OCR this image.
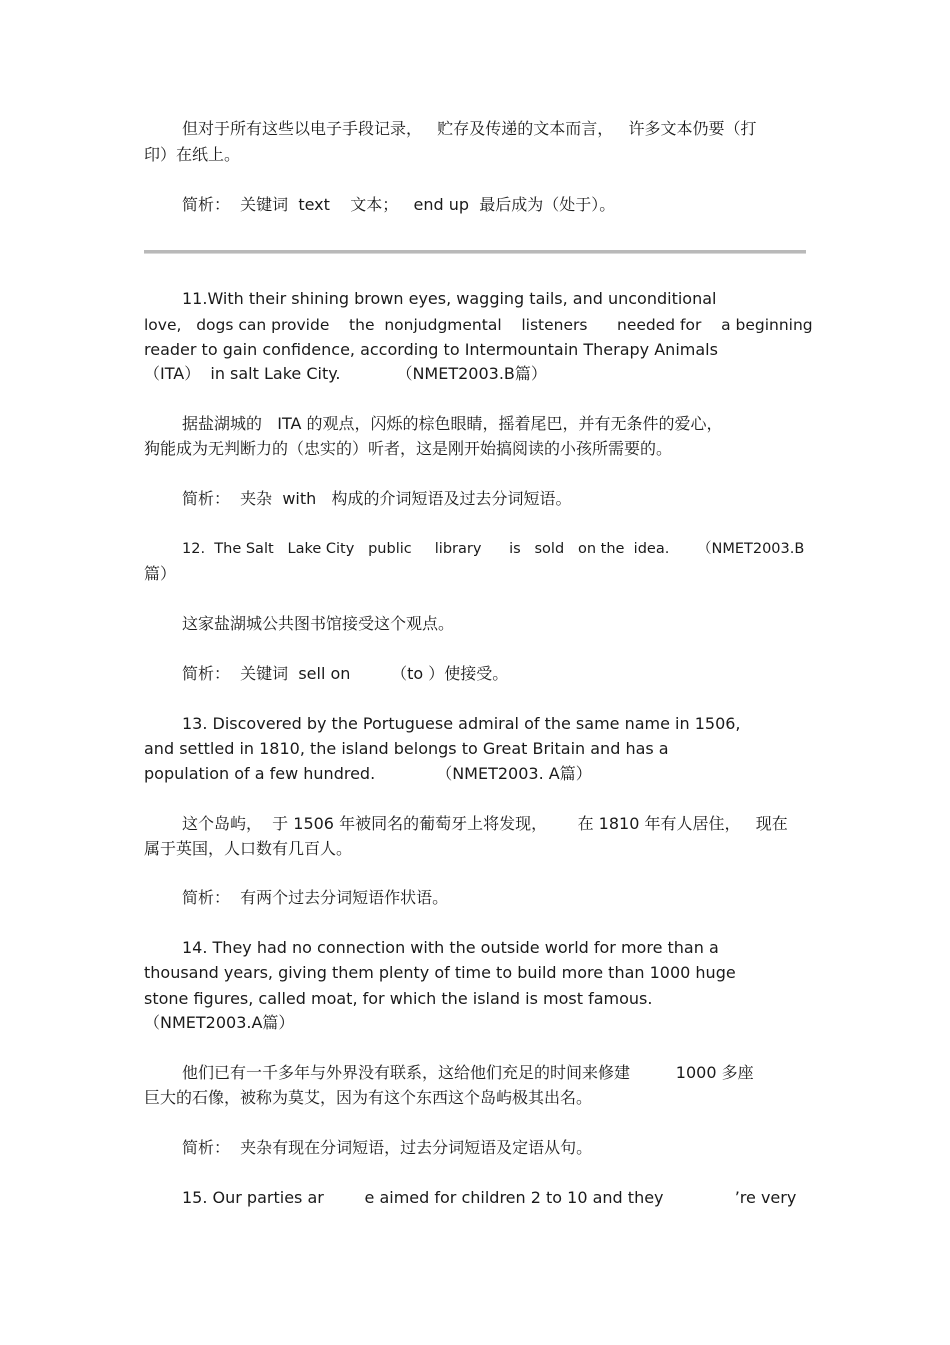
但对于所有这些以电子手段记录，   贮存及传递的文本而言，   许多文本仍要（打
印）在纸上。
简析：  关键词  text    文本；   end up  最后成为（处于）。
11.With their shining brown eyes, wagging tails, and unconditional
love,   dogs can provide    the  nonjudgmental    listeners      needed for    a beginning
reader to gain confidence, according to Intermountain Therapy Animals
（ITA）  in salt Lake City.           （NMET2003.B篇）
据盐湖城的   ITA 的观点，闪烁的棕色眼睛，摇着尾巴，并有无条件的爱心，
狗能成为无判断力的（忠实的）听者，这是刚开始搞阅读的小孩所需要的。
简析：  夹杂  with   构成的介词短语及过去分词短语。
12.  The Salt   Lake City   public     library      is   sold   on the  idea.      （NMET2003.B
篇）
这家盐湖城公共图书馆接受这个观点。
简析：  关键词  sell on        （to ）使接受。
13. Discovered by the Portuguese admiral of the same name in 1506,
and settled in 1810, the island belongs to Great Britain and has a
population of a few hundred.            （NMET2003. A篇）
这个岛屿，  于 1506 年被同名的葡萄牙上将发现，      在 1810 年有人居住，   现在
属于英国，人口数有几百人。
简析：  有两个过去分词短语作状语。
14. They had no connection with the outside world for more than a
thousand years, giving them plenty of time to build more than 1000 huge
stone figures, called moat, for which the island is most famous.
（NMET2003.A篇）
他们已有一千多年与外界没有联系，这给他们充足的时间来修建         1000 多座
巨大的石像，被称为莫艾，因为有这个东西这个岛屿极其出名。
简析：  夹杂有现在分词短语，过去分词短语及定语从句。
15. Our parties ar        e aimed for children 2 to 10 and they              ’re very
